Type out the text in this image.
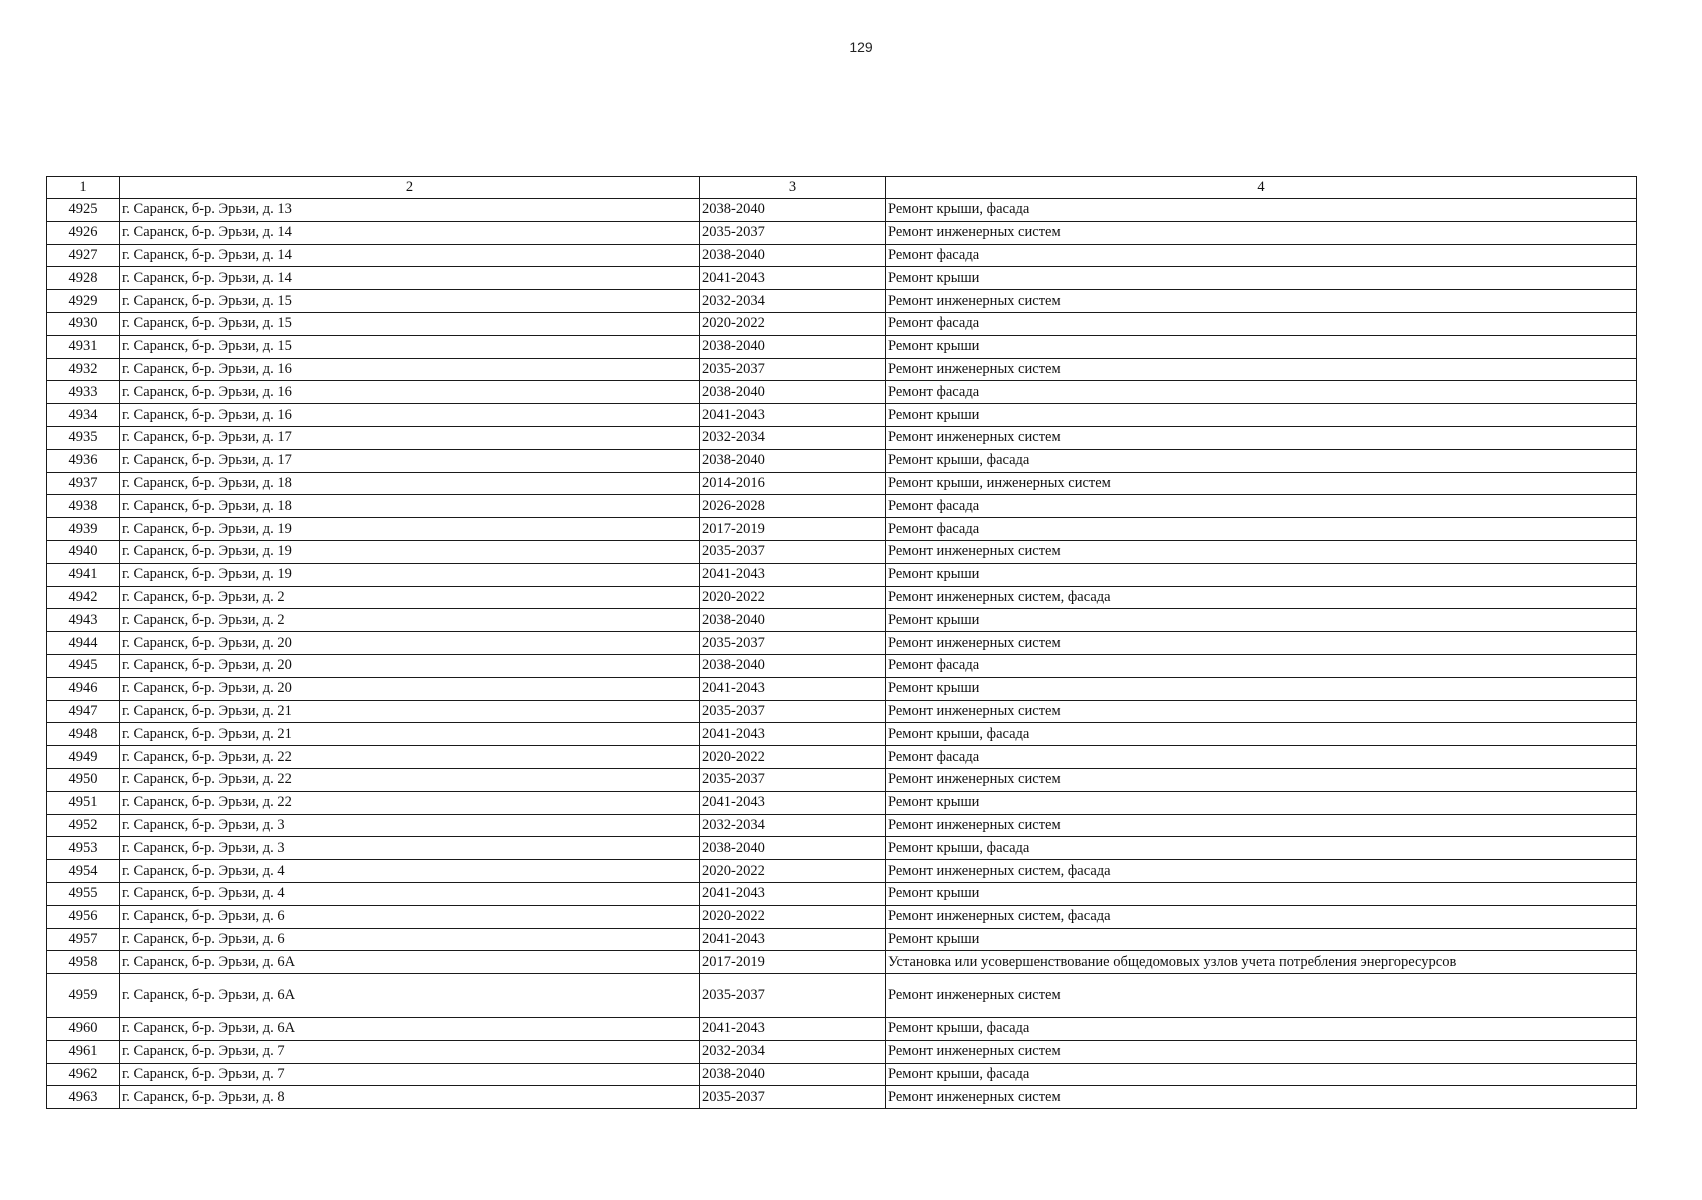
129
1	2	3	4
4925	г. Саранск, б-р. Эрьзи, д. 13	2038-2040	Ремонт крыши, фасада
4926	г. Саранск, б-р. Эрьзи, д. 14	2035-2037	Ремонт инженерных систем
4927	г. Саранск, б-р. Эрьзи, д. 14	2038-2040	Ремонт фасада
4928	г. Саранск, б-р. Эрьзи, д. 14	2041-2043	Ремонт крыши
4929	г. Саранск, б-р. Эрьзи, д. 15	2032-2034	Ремонт инженерных систем
4930	г. Саранск, б-р. Эрьзи, д. 15	2020-2022	Ремонт фасада
4931	г. Саранск, б-р. Эрьзи, д. 15	2038-2040	Ремонт крыши
4932	г. Саранск, б-р. Эрьзи, д. 16	2035-2037	Ремонт инженерных систем
4933	г. Саранск, б-р. Эрьзи, д. 16	2038-2040	Ремонт фасада
4934	г. Саранск, б-р. Эрьзи, д. 16	2041-2043	Ремонт крыши
4935	г. Саранск, б-р. Эрьзи, д. 17	2032-2034	Ремонт инженерных систем
4936	г. Саранск, б-р. Эрьзи, д. 17	2038-2040	Ремонт крыши, фасада
4937	г. Саранск, б-р. Эрьзи, д. 18	2014-2016	Ремонт крыши, инженерных систем
4938	г. Саранск, б-р. Эрьзи, д. 18	2026-2028	Ремонт фасада
4939	г. Саранск, б-р. Эрьзи, д. 19	2017-2019	Ремонт фасада
4940	г. Саранск, б-р. Эрьзи, д. 19	2035-2037	Ремонт инженерных систем
4941	г. Саранск, б-р. Эрьзи, д. 19	2041-2043	Ремонт крыши
4942	г. Саранск, б-р. Эрьзи, д. 2	2020-2022	Ремонт инженерных систем, фасада
4943	г. Саранск, б-р. Эрьзи, д. 2	2038-2040	Ремонт крыши
4944	г. Саранск, б-р. Эрьзи, д. 20	2035-2037	Ремонт инженерных систем
4945	г. Саранск, б-р. Эрьзи, д. 20	2038-2040	Ремонт фасада
4946	г. Саранск, б-р. Эрьзи, д. 20	2041-2043	Ремонт крыши
4947	г. Саранск, б-р. Эрьзи, д. 21	2035-2037	Ремонт инженерных систем
4948	г. Саранск, б-р. Эрьзи, д. 21	2041-2043	Ремонт крыши, фасада
4949	г. Саранск, б-р. Эрьзи, д. 22	2020-2022	Ремонт фасада
4950	г. Саранск, б-р. Эрьзи, д. 22	2035-2037	Ремонт инженерных систем
4951	г. Саранск, б-р. Эрьзи, д. 22	2041-2043	Ремонт крыши
4952	г. Саранск, б-р. Эрьзи, д. 3	2032-2034	Ремонт инженерных систем
4953	г. Саранск, б-р. Эрьзи, д. 3	2038-2040	Ремонт крыши, фасада
4954	г. Саранск, б-р. Эрьзи, д. 4	2020-2022	Ремонт инженерных систем, фасада
4955	г. Саранск, б-р. Эрьзи, д. 4	2041-2043	Ремонт крыши
4956	г. Саранск, б-р. Эрьзи, д. 6	2020-2022	Ремонт инженерных систем, фасада
4957	г. Саранск, б-р. Эрьзи, д. 6	2041-2043	Ремонт крыши
4958	г. Саранск, б-р. Эрьзи, д. 6А	2017-2019	Установка или усовершенствование общедомовых узлов учета потребления энергоресурсов
4959	г. Саранск, б-р. Эрьзи, д. 6А	2035-2037	Ремонт инженерных систем
4960	г. Саранск, б-р. Эрьзи, д. 6А	2041-2043	Ремонт крыши, фасада
4961	г. Саранск, б-р. Эрьзи, д. 7	2032-2034	Ремонт инженерных систем
4962	г. Саранск, б-р. Эрьзи, д. 7	2038-2040	Ремонт крыши, фасада
4963	г. Саранск, б-р. Эрьзи, д. 8	2035-2037	Ремонт инженерных систем
